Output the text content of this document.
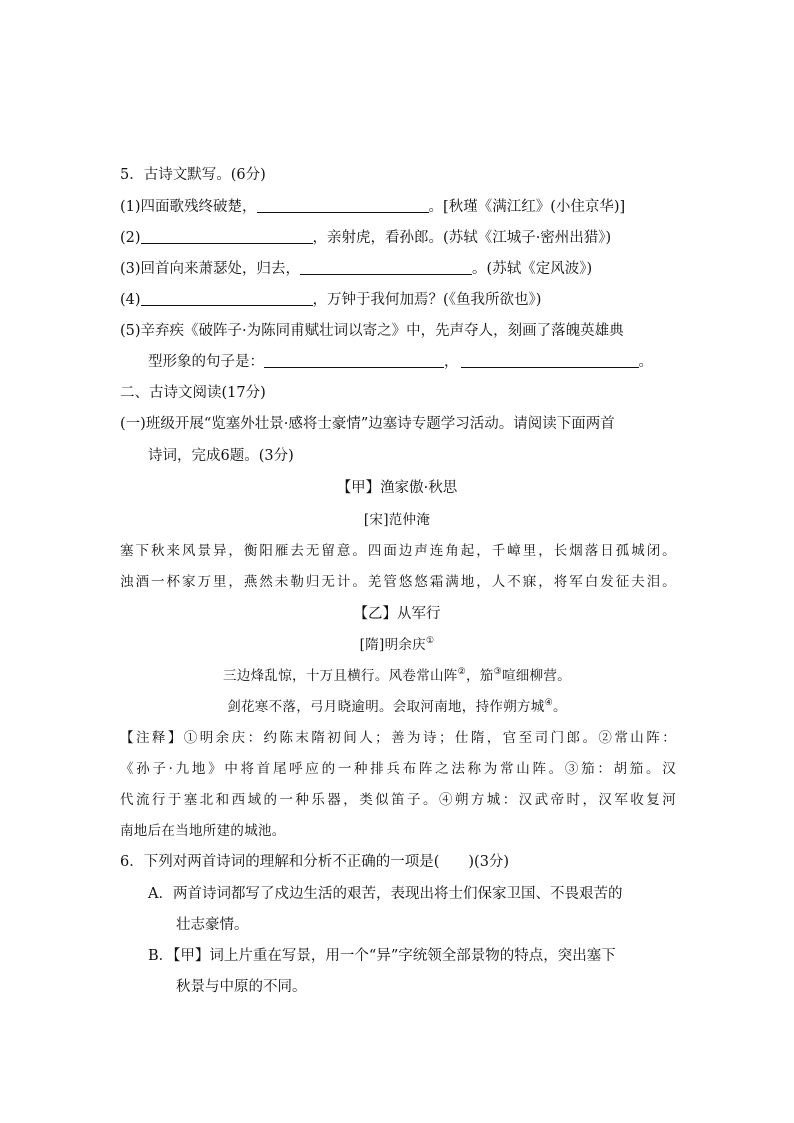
5．古诗文默写。(6分)
(1)四面歌残终破楚，	。[秋瑾《满江红》(小住京华)]
(2)	，亲射虎，看孙郎。(苏轼《江城子·密州出猎》)
(3)回首向来萧瑟处，归去，	。(苏轼《定风波》)
(4)	，万钟于我何加焉？(《鱼我所欲也》)
(5)辛弃疾《破阵子·为陈同甫赋壮词以寄之》中，先声夺人，刻画了落魄英雄典
型形象的句子是：	，	。
二、古诗文阅读(17分)
(一)班级开展“览塞外壮景·感将士豪情”边塞诗专题学习活动。请阅读下面两首
诗词，完成6题。(3分)
【甲】渔家傲·秋思
[宋]范仲淹
塞下秋来风景异，衡阳雁去无留意。四面边声连角起，千嶂里，长烟落日孤城闭。
浊酒一杯家万里，燕然未勒归无计。羌管悠悠霜满地，人不寐，将军白发征夫泪。
【乙】从军行
[隋]明余庆①
三边烽乱惊，十万且横行。风卷常山阵②，笳③喧细柳营。
剑花寒不落，弓月晓逾明。会取河南地，持作朔方城④。
【注释】①明余庆：约陈末隋初间人；善为诗；仕隋，官至司门郎。②常山阵：
《孙子·九地》中将首尾呼应的一种排兵布阵之法称为常山阵。③笳：胡笳。汉
代流行于塞北和西域的一种乐器，类似笛子。④朔方城：汉武帝时，汉军收复河
南地后在当地所建的城池。
6．下列对两首诗词的理解和分析不正确的一项是(　　)(3分)
A．两首诗词都写了戍边生活的艰苦，表现出将士们保家卫国、不畏艰苦的
壮志豪情。
B．【甲】词上片重在写景，用一个“异”字统领全部景物的特点，突出塞下
秋景与中原的不同。
